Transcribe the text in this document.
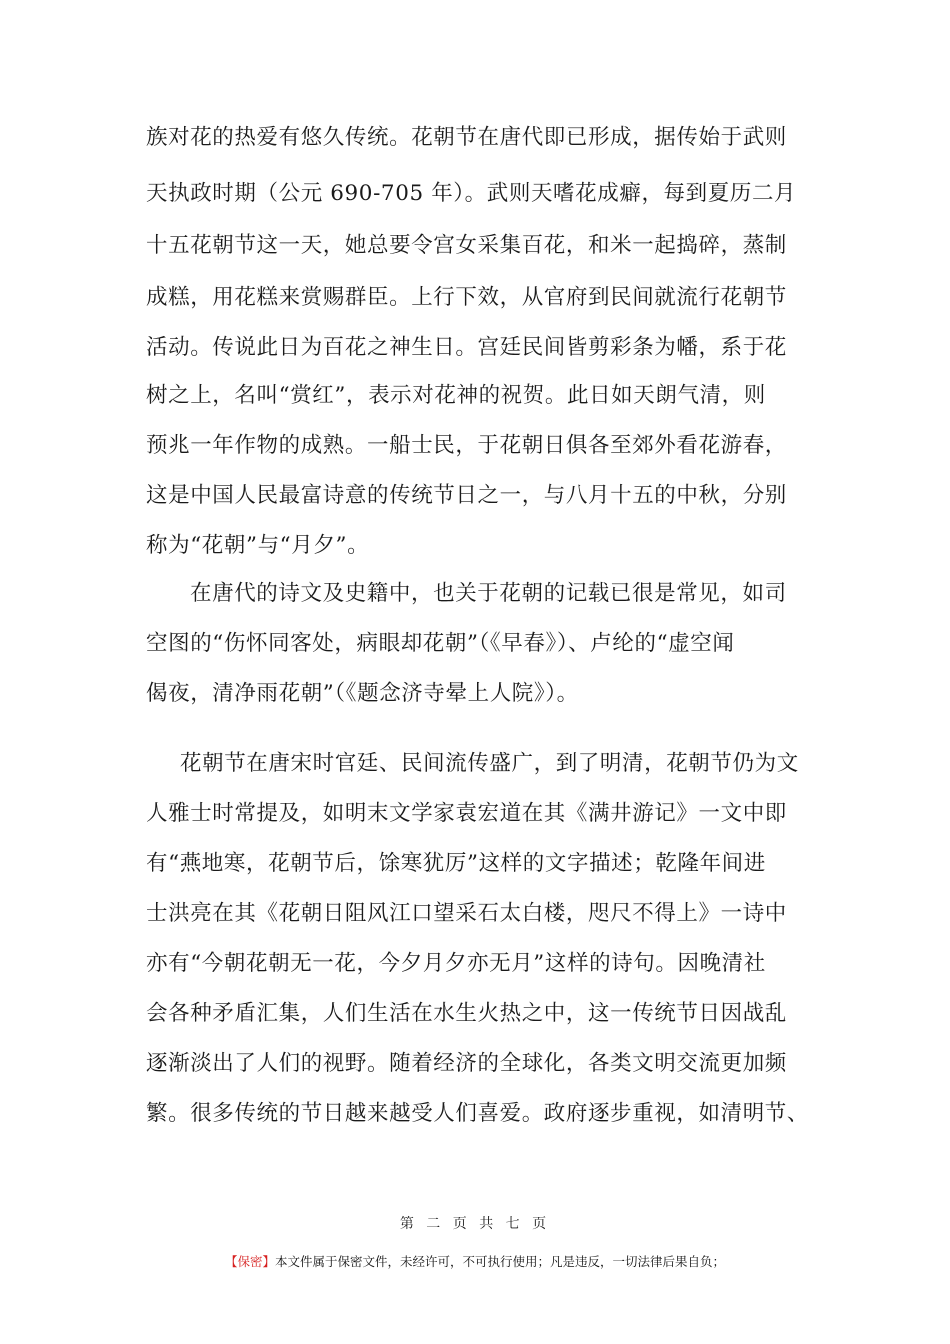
族对花的热爱有悠久传统。花朝节在唐代即已形成，据传始于武则
天执政时期（公元 690-705 年）。武则天嗜花成癖，每到夏历二月
十五花朝节这一天，她总要令宫女采集百花，和米一起捣碎，蒸制
成糕，用花糕来赏赐群臣。上行下效，从官府到民间就流行花朝节
活动。传说此日为百花之神生日。宫廷民间皆剪彩条为幡，系于花
树之上，名叫“赏红”，表示对花神的祝贺。此日如天朗气清，则
预兆一年作物的成熟。一船士民，于花朝日俱各至郊外看花游春，
这是中国人民最富诗意的传统节日之一，与八月十五的中秋，分别
称为“花朝”与“月夕”。
在唐代的诗文及史籍中，也关于花朝的记载已很是常见，如司
空图的“伤怀同客处，病眼却花朝”（《早春》）、卢纶的“虚空闻
偈夜，清净雨花朝”（《题念济寺晕上人院》）。
花朝节在唐宋时官廷、民间流传盛广，到了明清，花朝节仍为文
人雅士时常提及，如明末文学家袁宏道在其《满井游记》一文中即
有“燕地寒，花朝节后，馀寒犹厉”这样的文字描述；乾隆年间进
士洪亮在其《花朝日阻风江口望采石太白楼，咫尺不得上》一诗中
亦有“今朝花朝无一花，今夕月夕亦无月”这样的诗句。因晚清社
会各种矛盾汇集，人们生活在水生火热之中，这一传统节日因战乱
逐渐淡出了人们的视野。随着经济的全球化，各类文明交流更加频
繁。很多传统的节日越来越受人们喜爱。政府逐步重视，如清明节、
第 二 页 共 七 页
【保密】本文件属于保密文件，未经许可，不可执行使用；凡是违反，一切法律后果自负；
